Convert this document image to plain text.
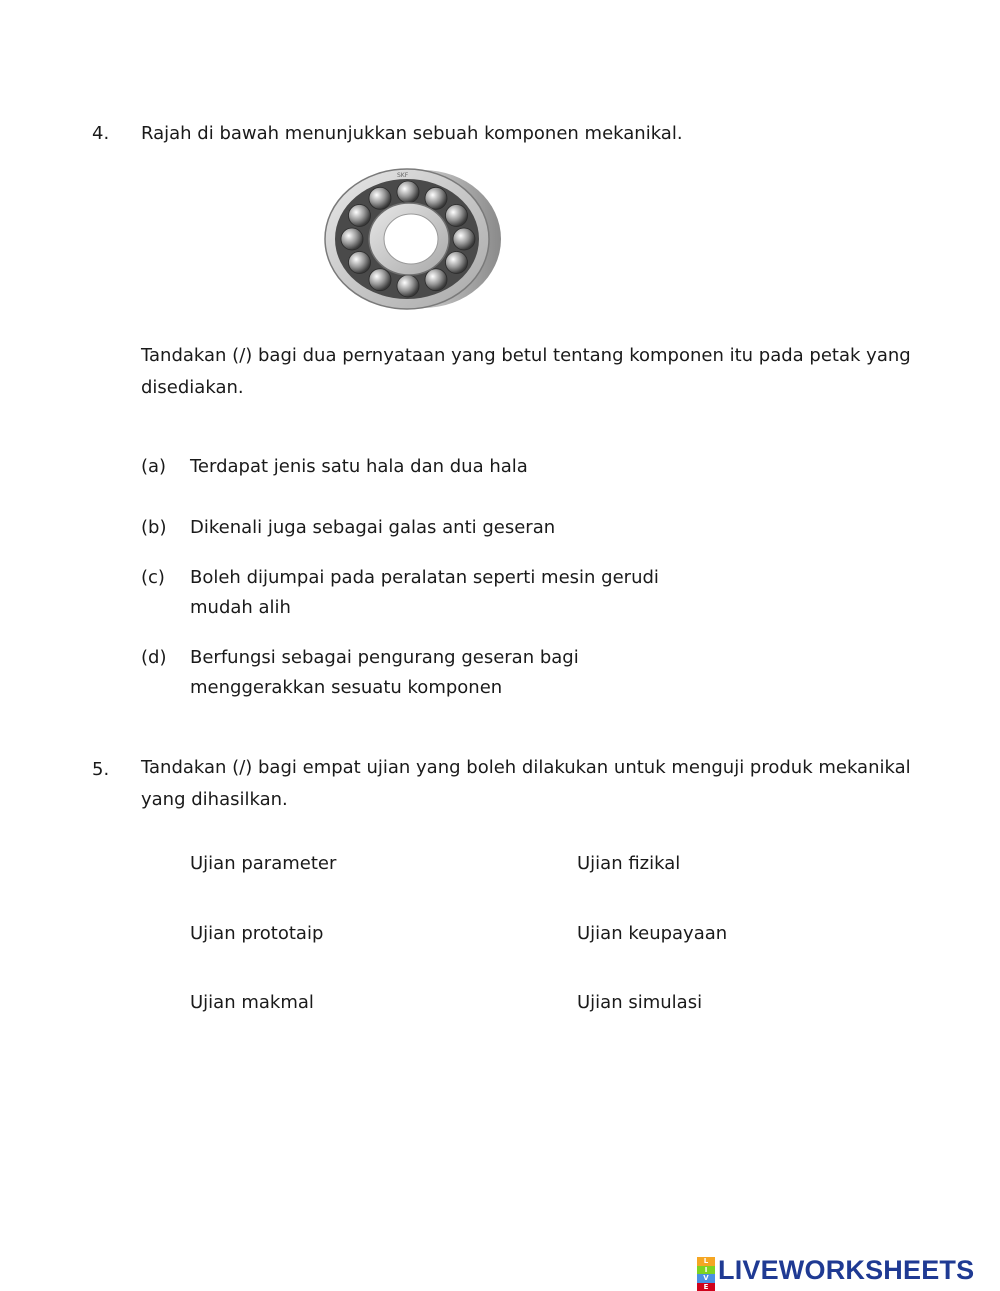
4. Rajah di bawah menunjukkan sebuah komponen mekanikal.
SKF
Tandakan (/) bagi dua pernyataan yang betul tentang komponen itu pada petak yang
disediakan.
(a) Terdapat jenis satu hala dan dua hala
(b) Dikenali juga sebagai galas anti geseran
(c) Boleh dijumpai pada peralatan seperti mesin gerudi
mudah alih
(d) Berfungsi sebagai pengurang geseran bagi
menggerakkan sesuatu komponen
5. Tandakan (/) bagi empat ujian yang boleh dilakukan untuk menguji produk mekanikal
yang dihasilkan.
Ujian parameter	Ujian fizikal
Ujian prototaip	Ujian keupayaan
Ujian makmal	Ujian simulasi
L
I
V
E
LIVEWORKSHEETS
